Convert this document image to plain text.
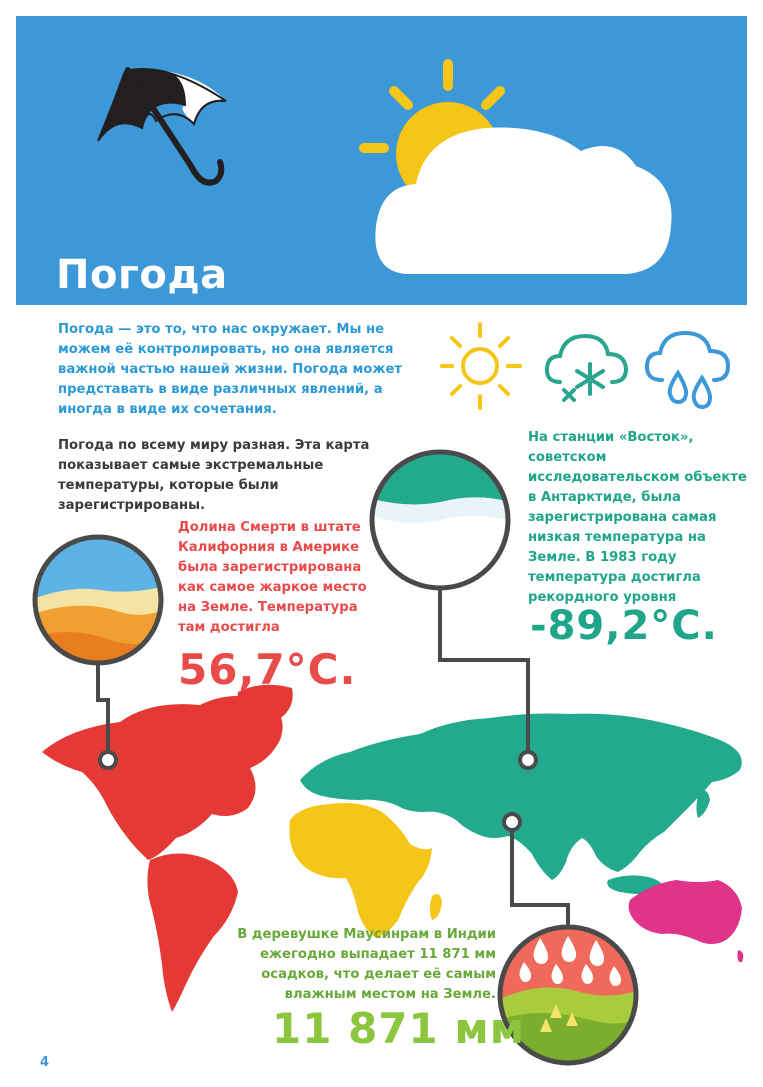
Погода

Погода — это то, что нас окружает. Мы не можем её контролировать, но она является важной частью нашей жизни. Погода может представать в виде различных явлений, а иногда в виде их сочетания.

Погода по всему миру разная. Эта карта показывает самые экстремальные температуры, которые были зарегистрированы.

Долина Смерти в штате Калифорния в Америке была зарегистрирована как самое жаркое место на Земле. Температура там достигла

56,7°C.

На станции «Восток», советском исследовательском объекте в Антарктиде, была зарегистрирована самая низкая температура на Земле. В 1983 году температура достигла рекордного уровня

-89,2°C.

В деревушке Маусинрам в Индии ежегодно выпадает 11 871 мм осадков, что делает её самым влажным местом на Земле.

11 871 мм

4
